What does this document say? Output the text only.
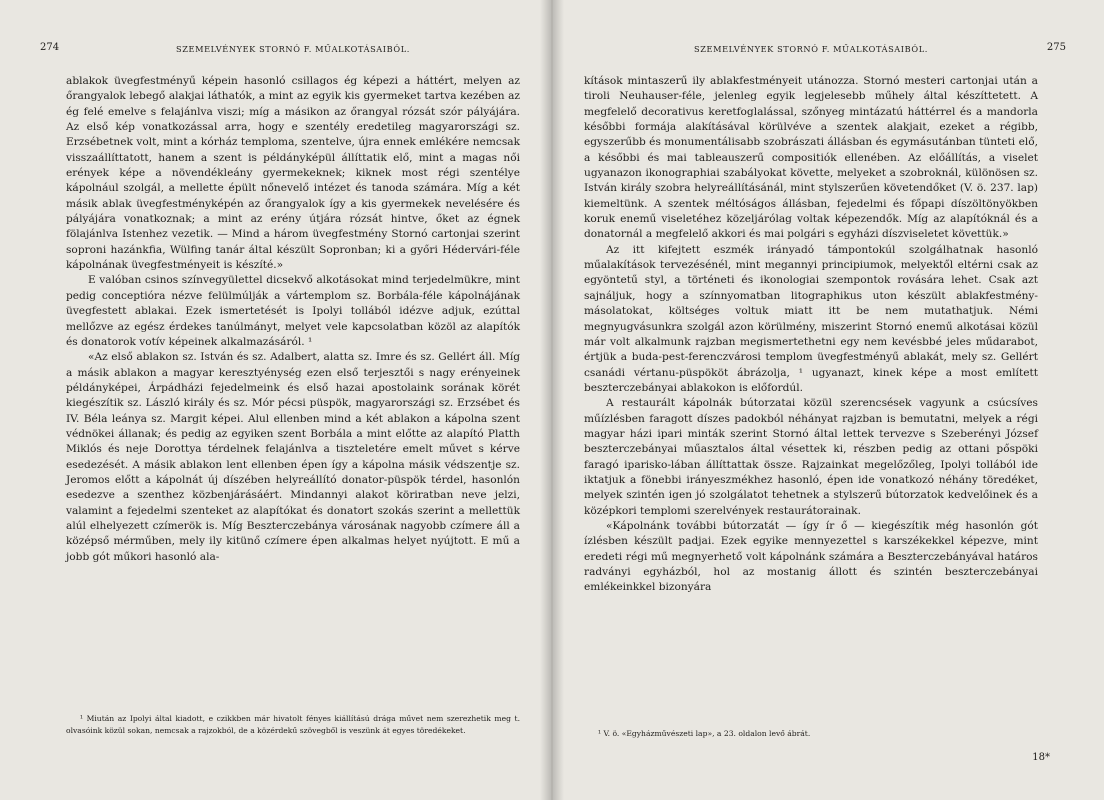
274	SZEMELVÉNYEK STORNÓ F. MŰALKOTÁSAIBÓL.

ablakok üvegfestményű képein hasonló csillagos ég képezi a háttért, melyen az őrangyalok lebegő alakjai láthatók, a mint az egyik kis gyermeket tartva kezében az ég felé emelve s felajánlva viszi; míg a másikon az őrangyal rózsát szór pályájára. Az első kép vonatkozással arra, hogy e szentély eredetileg magyarországi sz. Erzsébetnek volt, mint a kórház temploma, szentelve, újra ennek emlékére nemcsak visszaállíttatott, hanem a szent is példányképül állíttatik elő, mint a magas női erények képe a növendékleány gyermekeknek; kiknek most régi szentélye kápolnául szolgál, a mellette épült nőnevelő intézet és tanoda számára. Míg a két másik ablak üvegfestményképén az őrangyalok így a kis gyermekek nevelésére és pályájára vonatkoznak; a mint az erény útjára rózsát hintve, őket az égnek fölajánlva Istenhez vezetik. — Mind a három üvegfestmény Stornó cartonjai szerint soproni hazánkfia, Wülfing tanár által készült Sopronban; ki a győri Hédervári-féle kápolnának üvegfestményeit is készíté.»

E valóban csinos színvegyülettel dicsekvő alkotásokat mind terjedelmükre, mint pedig conceptióra nézve felülmúlják a vártemplom sz. Borbála-féle kápolnájának üvegfestett ablakai. Ezek ismertetését is Ipolyi tollából idézve adjuk, ezúttal mellőzve az egész érdekes tanúlmányt, melyet vele kapcsolatban közöl az alapítók és donatorok votív képeinek alkalmazásáról. ¹

«Az első ablakon sz. István és sz. Adalbert, alatta sz. Imre és sz. Gellért áll. Míg a másik ablakon a magyar keresztyénység ezen első terjesztői s nagy erényeinek példányképei, Árpádházi fejedelmeink és első hazai apostolaink sorának körét kiegészítik sz. László király és sz. Mór pécsi püspök, magyarországi sz. Erzsébet és IV. Béla leánya sz. Margit képei. Alul ellenben mind a két ablakon a kápolna szent védnökei állanak; és pedig az egyiken szent Borbála a mint előtte az alapító Platth Miklós és neje Dorottya térdelnek felajánlva a tiszteletére emelt művet s kérve esedezését. A másik ablakon lent ellenben épen így a kápolna másik védszentje sz. Jeromos előtt a kápolnát új díszében helyreállító donator-püspök térdel, hasonlón esedezve a szenthez közbenjárásáért. Mindannyi alakot köriratban neve jelzi, valamint a fejedelmi szenteket az alapítókat és donatort szokás szerint a mellettük alúl elhelyezett czímerök is. Míg Beszterczebánya városának nagyobb czímere áll a középső mérműben, mely ily kitünő czímere épen alkalmas helyet nyújtott. E mű a jobb gót műkori hasonló ala-

¹ Miután az Ipolyi által kiadott, e czikkben már hivatolt fényes kiállítású drága művet nem szerezhetik meg t. olvasóink közül sokan, nemcsak a rajzokból, de a közérdekű szövegből is veszünk át egyes töredékeket.

SZEMELVÉNYEK STORNÓ F. MŰALKOTÁSAIBÓL.	275

kítások mintaszerű ily ablakfestményeit utánozza. Stornó mesteri cartonjai után a tiroli Neuhauser-féle, jelenleg egyik legjelesebb műhely által készíttetett. A megfelelő decorativus keretfoglalással, szőnyeg mintázatú háttérrel és a mandorla későbbi formája alakításával körülvéve a szentek alakjait, ezeket a régibb, egyszerűbb és monumentálisabb szobrászati állásban és egymásutánban tünteti elő, a későbbi és mai tableauszerű compositiók ellenében. Az előállítás, a viselet ugyanazon ikonographiai szabályokat követte, melyeket a szobroknál, különösen sz. István király szobra helyreállításánál, mint stylszerűen követendőket (V. ö. 237. lap) kiemeltünk. A szentek méltóságos állásban, fejedelmi és főpapi díszöltönyökben koruk enemű viseletéhez közeljárólag voltak képezendők. Míg az alapítóknál és a donatornál a megfelelő akkori és mai polgári s egyházi díszviseletet követtük.»

Az itt kifejtett eszmék irányadó támpontokúl szolgálhatnak hasonló műalakítások tervezésénél, mint megannyi principiumok, melyektől eltérni csak az egyöntetű styl, a történeti és ikonologiai szempontok rovására lehet. Csak azt sajnáljuk, hogy a színnyomatban litographikus uton készült ablakfestmény-másolatokat, költséges voltuk miatt itt be nem mutathatjuk. Némi megnyugvásunkra szolgál azon körülmény, miszerint Stornó enemű alkotásai közül már volt alkalmunk rajzban megismertethetni egy nem kevésbbé jeles műdarabot, értjük a buda-pest-ferenczvárosi templom üvegfestményű ablakát, mely sz. Gellért csanádi vértanu-püspököt ábrázolja, ¹ ugyanazt, kinek képe a most említett beszterczebányai ablakokon is előfordúl.

A restaurált kápolnák bútorzatai közül szerencsések vagyunk a csúcsíves műízlésben faragott díszes padokból néhányat rajzban is bemutatni, melyek a régi magyar házi ipari minták szerint Stornó által lettek tervezve s Szeberényi József beszterczebányai műasztalos által vésettek ki, részben pedig az ottani pőspöki faragó iparisko-lában állíttattak össze. Rajzainkat megelőzőleg, Ipolyi tollából ide iktatjuk a fönebbi irányeszmékhez hasonló, épen ide vonatkozó néhány töredéket, melyek szintén igen jó szolgálatot tehetnek a stylszerű bútorzatok kedvelőinek és a középkori templomi szerelvények restaurátorainak.

«Kápolnánk további bútorzatát — így ír ő — kiegészítik még hasonlón gót ízlésben készült padjai. Ezek egyike mennyezettel s karszékekkel képezve, mint eredeti régi mű megnyerhető volt kápolnánk számára a Beszterczebányával határos radványi egyházból, hol az mostanig állott és szintén beszterczebányai emlékeinkkel bizonyára

¹ V. ö. «Egyházművészeti lap», a 23. oldalon levő ábrát.

18*
